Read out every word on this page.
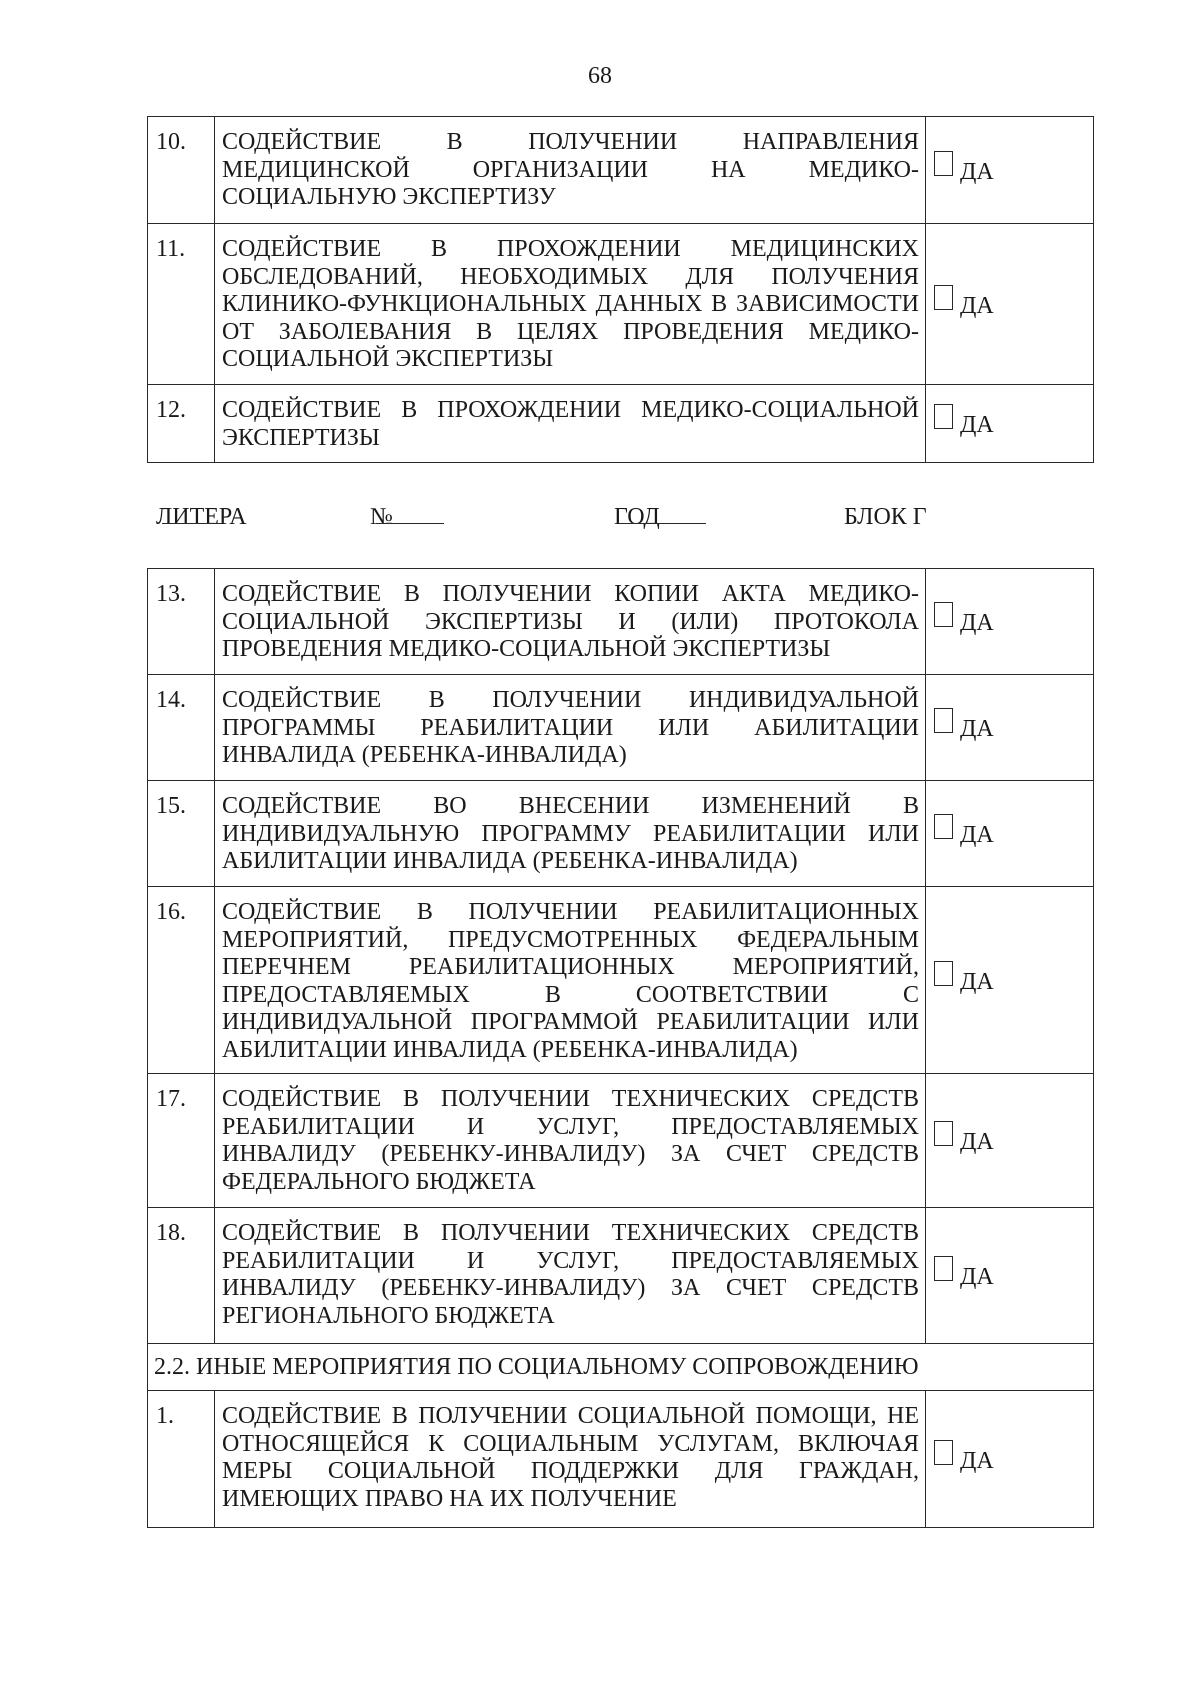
68
10.	СОДЕЙСТВИЕ В ПОЛУЧЕНИИ НАПРАВЛЕНИЯ МЕДИЦИНСКОЙ ОРГАНИЗАЦИИ НА МЕДИКО-СОЦИАЛЬНУЮ ЭКСПЕРТИЗУ	ДА

11.	СОДЕЙСТВИЕ В ПРОХОЖДЕНИИ МЕДИЦИНСКИХ ОБСЛЕДОВАНИЙ, НЕОБХОДИМЫХ ДЛЯ ПОЛУЧЕНИЯ КЛИНИКО-ФУНКЦИОНАЛЬНЫХ ДАННЫХ В ЗАВИСИМОСТИ ОТ ЗАБОЛЕВАНИЯ В ЦЕЛЯХ ПРОВЕДЕНИЯ МЕДИКО-СОЦИАЛЬНОЙ ЭКСПЕРТИЗЫ	ДА

12.	СОДЕЙСТВИЕ В ПРОХОЖДЕНИИ МЕДИКО-СОЦИАЛЬНОЙ ЭКСПЕРТИЗЫ	ДА
ЛИТЕРА	№	ГОД	БЛОК Г
13.	СОДЕЙСТВИЕ В ПОЛУЧЕНИИ КОПИИ АКТА МЕДИКО-СОЦИАЛЬНОЙ ЭКСПЕРТИЗЫ И (ИЛИ) ПРОТОКОЛА ПРОВЕДЕНИЯ МЕДИКО-СОЦИАЛЬНОЙ ЭКСПЕРТИЗЫ	ДА

14.	СОДЕЙСТВИЕ В ПОЛУЧЕНИИ ИНДИВИДУАЛЬНОЙ ПРОГРАММЫ РЕАБИЛИТАЦИИ ИЛИ АБИЛИТАЦИИ ИНВАЛИДА (РЕБЕНКА-ИНВАЛИДА)	ДА

15.	СОДЕЙСТВИЕ ВО ВНЕСЕНИИ ИЗМЕНЕНИЙ В ИНДИВИДУАЛЬНУЮ ПРОГРАММУ РЕАБИЛИТАЦИИ ИЛИ АБИЛИТАЦИИ ИНВАЛИДА (РЕБЕНКА-ИНВАЛИДА)	ДА

16.	СОДЕЙСТВИЕ В ПОЛУЧЕНИИ РЕАБИЛИТАЦИОННЫХ МЕРОПРИЯТИЙ, ПРЕДУСМОТРЕННЫХ ФЕДЕРАЛЬНЫМ ПЕРЕЧНЕМ РЕАБИЛИТАЦИОННЫХ МЕРОПРИЯТИЙ, ПРЕДОСТАВЛЯЕМЫХ В СООТВЕТСТВИИ С ИНДИВИДУАЛЬНОЙ ПРОГРАММОЙ РЕАБИЛИТАЦИИ ИЛИ АБИЛИТАЦИИ ИНВАЛИДА (РЕБЕНКА-ИНВАЛИДА)	ДА

17.	СОДЕЙСТВИЕ В ПОЛУЧЕНИИ ТЕХНИЧЕСКИХ СРЕДСТВ РЕАБИЛИТАЦИИ И УСЛУГ, ПРЕДОСТАВЛЯЕМЫХ ИНВАЛИДУ (РЕБЕНКУ-ИНВАЛИДУ) ЗА СЧЕТ СРЕДСТВ ФЕДЕРАЛЬНОГО БЮДЖЕТА	ДА

18.	СОДЕЙСТВИЕ В ПОЛУЧЕНИИ ТЕХНИЧЕСКИХ СРЕДСТВ РЕАБИЛИТАЦИИ И УСЛУГ, ПРЕДОСТАВЛЯЕМЫХ ИНВАЛИДУ (РЕБЕНКУ-ИНВАЛИДУ) ЗА СЧЕТ СРЕДСТВ РЕГИОНАЛЬНОГО БЮДЖЕТА	ДА

2.2. ИНЫЕ МЕРОПРИЯТИЯ ПО СОЦИАЛЬНОМУ СОПРОВОЖДЕНИЮ		
1.	СОДЕЙСТВИЕ В ПОЛУЧЕНИИ СОЦИАЛЬНОЙ ПОМОЩИ, НЕ ОТНОСЯЩЕЙСЯ К СОЦИАЛЬНЫМ УСЛУГАМ, ВКЛЮЧАЯ МЕРЫ СОЦИАЛЬНОЙ ПОДДЕРЖКИ ДЛЯ ГРАЖДАН, ИМЕЮЩИХ ПРАВО НА ИХ ПОЛУЧЕНИЕ	ДА
